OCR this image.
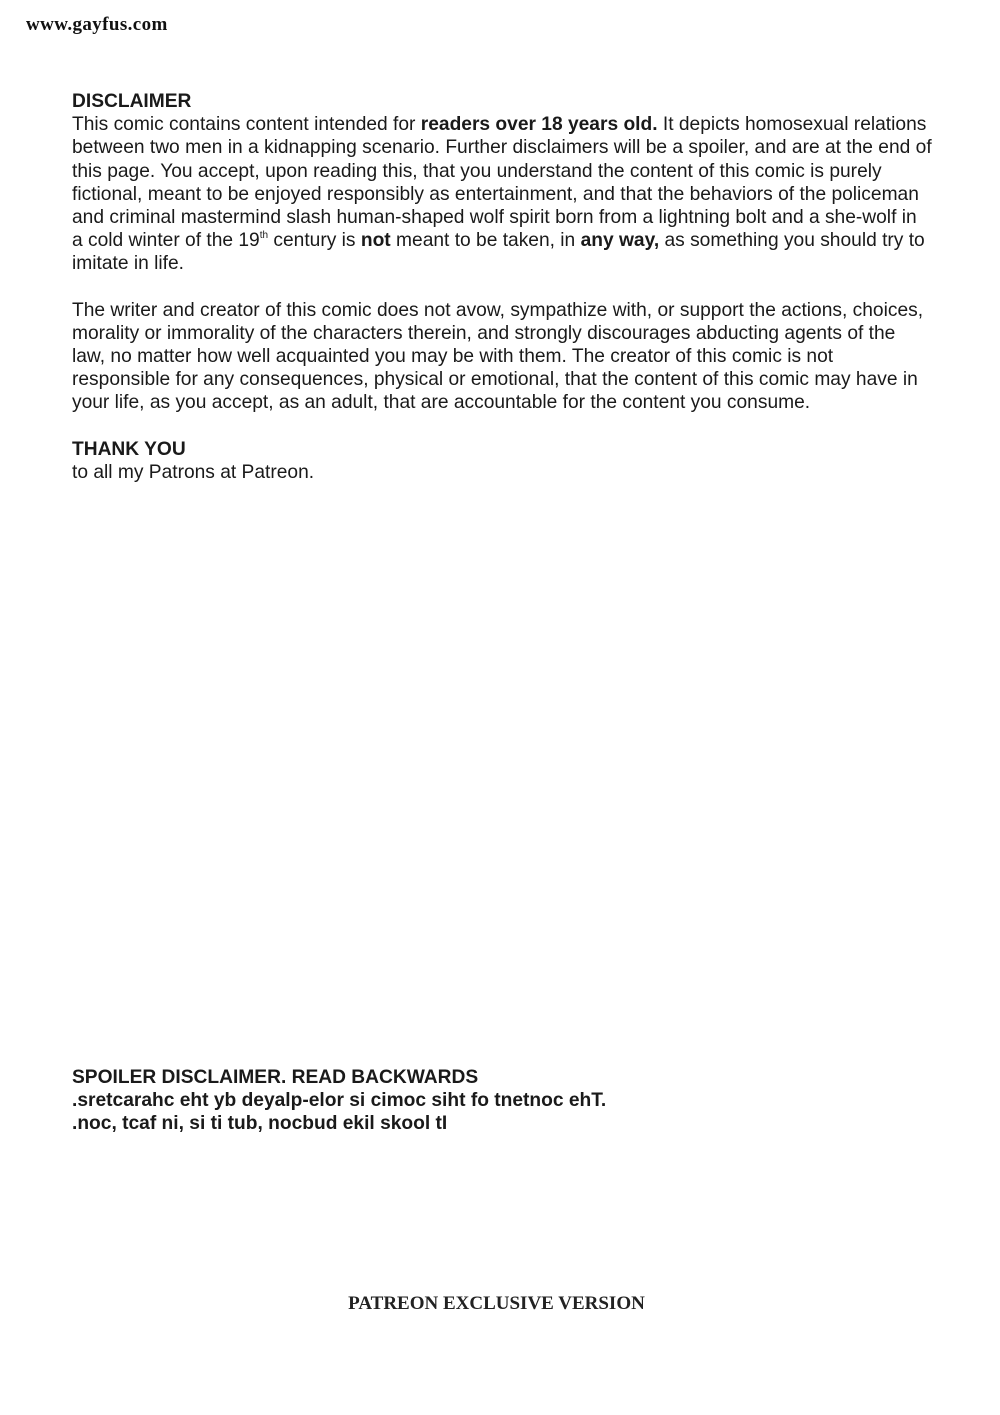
www.gayfus.com
DISCLAIMER

This comic contains content intended for readers over 18 years old. It depicts homosexual relations between two men in a kidnapping scenario. Further disclaimers will be a spoiler, and are at the end of this page. You accept, upon reading this, that you understand the content of this comic is purely fictional, meant to be enjoyed responsibly as entertainment, and that the behaviors of the policeman and criminal mastermind slash human-shaped wolf spirit born from a lightning bolt and a she-wolf in a cold winter of the 19th century is not meant to be taken, in any way, as something you should try to imitate in life.

The writer and creator of this comic does not avow, sympathize with, or support the actions, choices, morality or immorality of the characters therein, and strongly discourages abducting agents of the law, no matter how well acquainted you may be with them. The creator of this comic is not responsible for any consequences, physical or emotional, that the content of this comic may have in your life, as you accept, as an adult, that are accountable for the content you consume.

THANK YOU

to all my Patrons at Patreon.

SPOILER DISCLAIMER. READ BACKWARDS
.sretcarahc eht yb deyalp-elor si cimoc siht fo tnetnoc ehT.
.noc, tcaf ni, si ti tub, nocbud ekil skool tI
PATREON EXCLUSIVE VERSION
